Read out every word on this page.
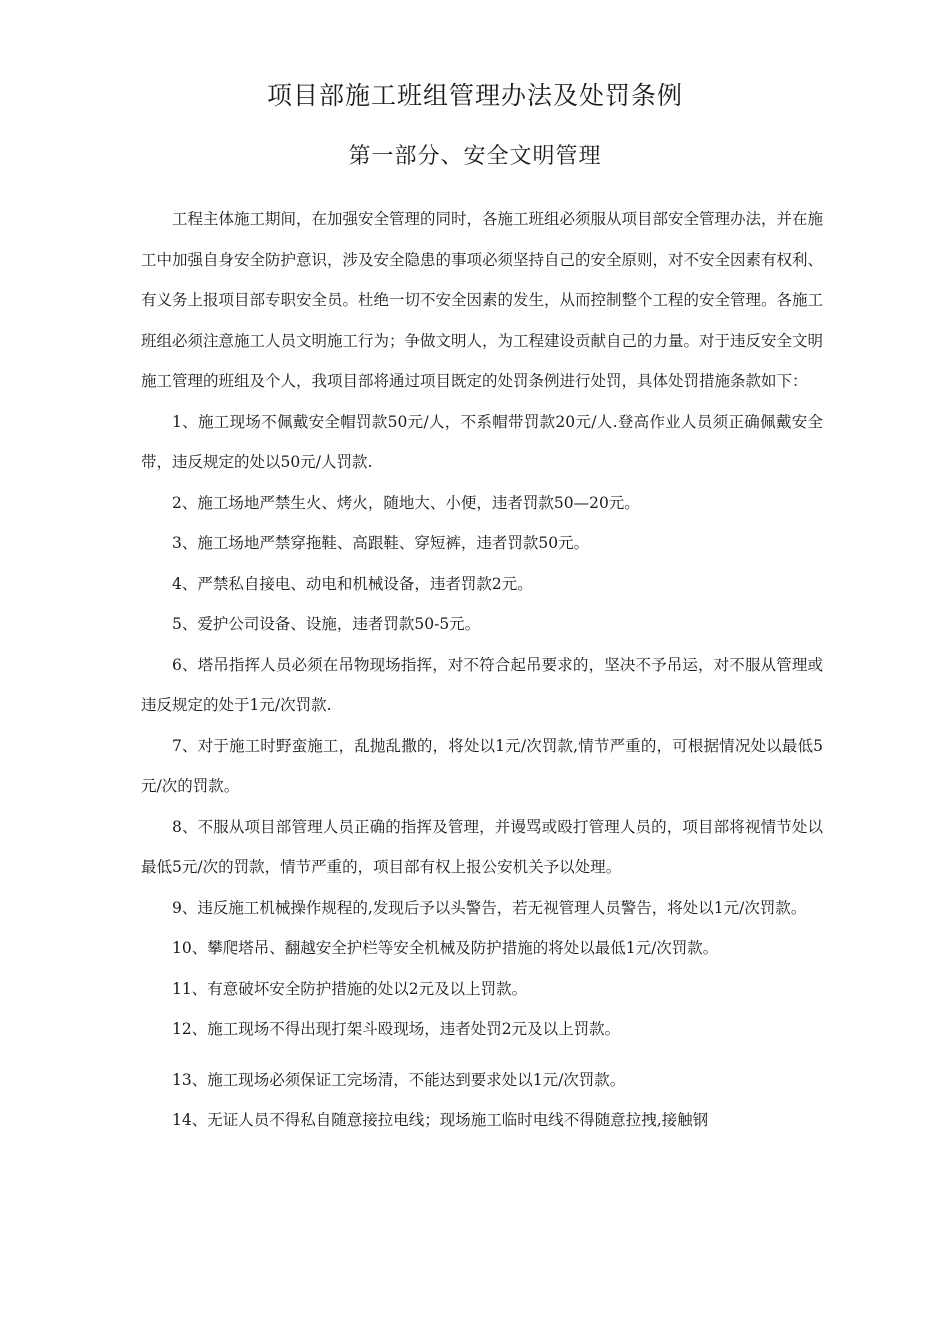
项目部施工班组管理办法及处罚条例
第一部分、安全文明管理

工程主体施工期间，在加强安全管理的同时，各施工班组必须服从项目部安全管理办法，并在施工中加强自身安全防护意识，涉及安全隐患的事项必须坚持自己的安全原则，对不安全因素有权利、有义务上报项目部专职安全员。杜绝一切不安全因素的发生，从而控制整个工程的安全管理。各施工班组必须注意施工人员文明施工行为；争做文明人，为工程建设贡献自己的力量。对于违反安全文明施工管理的班组及个人，我项目部将通过项目既定的处罚条例进行处罚，具体处罚措施条款如下：

1、施工现场不佩戴安全帽罚款50元/人，不系帽带罚款20元/人.登高作业人员须正确佩戴安全带，违反规定的处以50元/人罚款.

2、施工场地严禁生火、烤火，随地大、小便，违者罚款50—20元。

3、施工场地严禁穿拖鞋、高跟鞋、穿短裤，违者罚款50元。

4、严禁私自接电、动电和机械设备，违者罚款2元。

5、爱护公司设备、设施，违者罚款50-5元。

6、塔吊指挥人员必须在吊物现场指挥，对不符合起吊要求的，坚决不予吊运，对不服从管理或违反规定的处于1元/次罚款.

7、对于施工时野蛮施工，乱抛乱撒的，将处以1元/次罚款,情节严重的，可根据情况处以最低5元/次的罚款。

8、不服从项目部管理人员正确的指挥及管理，并谩骂或殴打管理人员的，项目部将视情节处以最低5元/次的罚款，情节严重的，项目部有权上报公安机关予以处理。

9、违反施工机械操作规程的,发现后予以头警告，若无视管理人员警告，将处以1元/次罚款。

10、攀爬塔吊、翻越安全护栏等安全机械及防护措施的将处以最低1元/次罚款。

11、有意破坏安全防护措施的处以2元及以上罚款。

12、施工现场不得出现打架斗殴现场，违者处罚2元及以上罚款。

13、施工现场必须保证工完场清，不能达到要求处以1元/次罚款。

14、无证人员不得私自随意接拉电线；现场施工临时电线不得随意拉拽,接触钢
